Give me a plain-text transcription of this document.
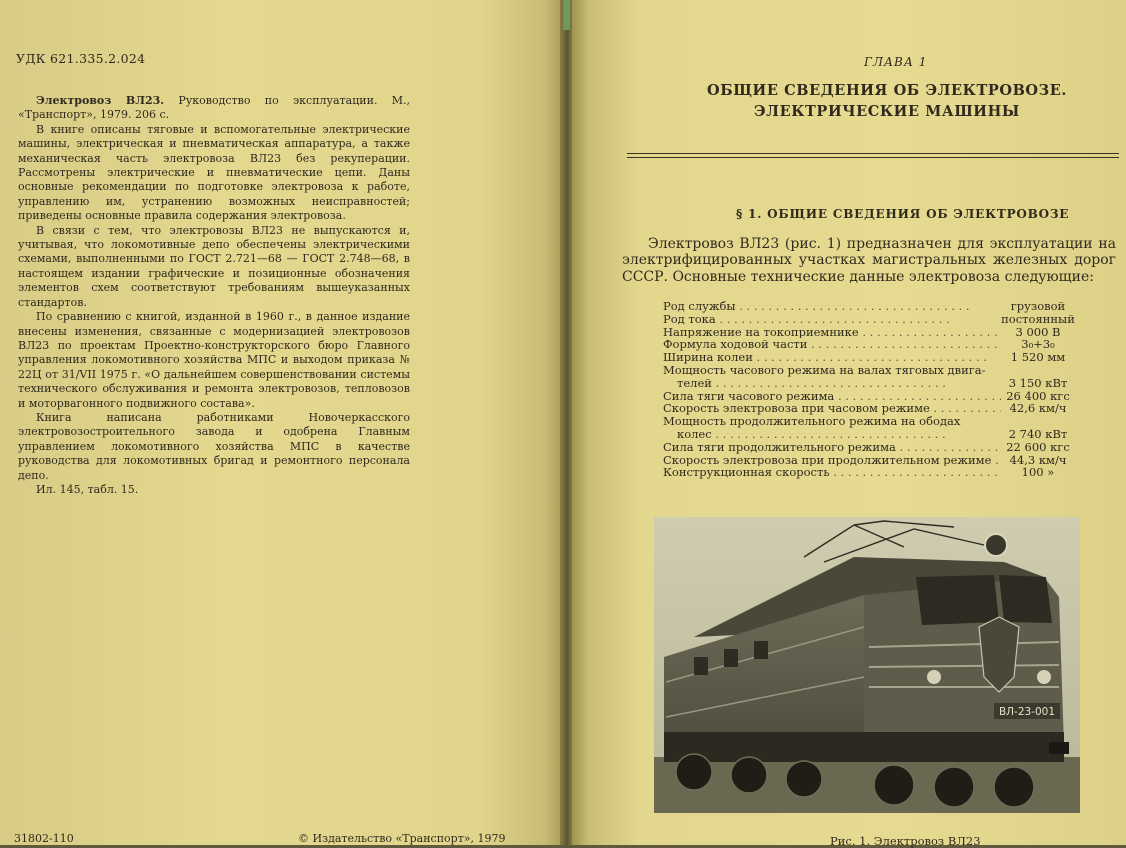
УДК 621.335.2.024

Электровоз ВЛ23. Руководство по эксплуатации. М., «Транспорт», 1979. 206 с.

В книге описаны тяговые и вспомогательные электрические машины, электрическая и пневматическая аппаратура, а также механическая часть электровоза ВЛ23 без рекуперации. Рассмотрены электрические и пневматические цепи. Даны основные рекомендации по подготовке электровоза к работе, управлению им, устранению возможных неисправностей; приведены основные правила содержания электровоза.

В связи с тем, что электровозы ВЛ23 не выпускаются и, учитывая, что локомотивные депо обеспечены электрическими схемами, выполненными по ГОСТ 2.721—68 — ГОСТ 2.748—68, в настоящем издании графические и позиционные обозначения элементов схем соответствуют требованиям вышеуказанных стандартов.

По сравнению с книгой, изданной в 1960 г., в данное издание внесены изменения, связанные с модернизацией электровозов ВЛ23 по проектам Проектно-конструкторского бюро Главного управления локомотивного хозяйства МПС и выходом приказа № 22Ц от 31/VII 1975 г. «О дальнейшем совершенствовании системы технического обслуживания и ремонта электровозов, тепловозов и моторвагонного подвижного состава».

Книга написана работниками Новочеркасского электровозостроительного завода и одобрена Главным управлением локомотивного хозяйства МПС в качестве руководства для локомотивных бригад и ремонтного персонала депо.

Ил. 145, табл. 15.

31802-110	© Издательство «Транспорт», 1979
ГЛАВА 1
ОБЩИЕ СВЕДЕНИЯ ОБ ЭЛЕКТРОВОЗЕ.
ЭЛЕКТРИЧЕСКИЕ МАШИНЫ
§ 1. ОБЩИЕ СВЕДЕНИЯ ОБ ЭЛЕКТРОВОЗЕ

Электровоз ВЛ23 (рис. 1) предназначен для эксплуатации на электрифицированных участках магистральных железных дорог СССР. Основные технические данные электровоза следующие:

Род службы . . .	грузовой
Род тока . . .	постоянный
Напряжение на токоприемнике . . .	3 000 В
Формула ходовой части . . .	3₀+3₀
Ширина колеи . . .	1 520 мм
Мощность часового режима на валах тяговых двига-
телей . . .	3 150 кВт
Сила тяги часового режима . . .	26 400 кгс
Скорость электровоза при часовом режиме . . .	42,6 км/ч
Мощность продолжительного режима на ободах
колес . . .	2 740 кВт
Сила тяги продолжительного режима . . .	22 600 кгс
Скорость электровоза при продолжительном режиме . . .	44,3 км/ч
Конструкционная скорость . . .	100 »
ВЛ-23-001
Рис. 1. Электровоз ВЛ23
